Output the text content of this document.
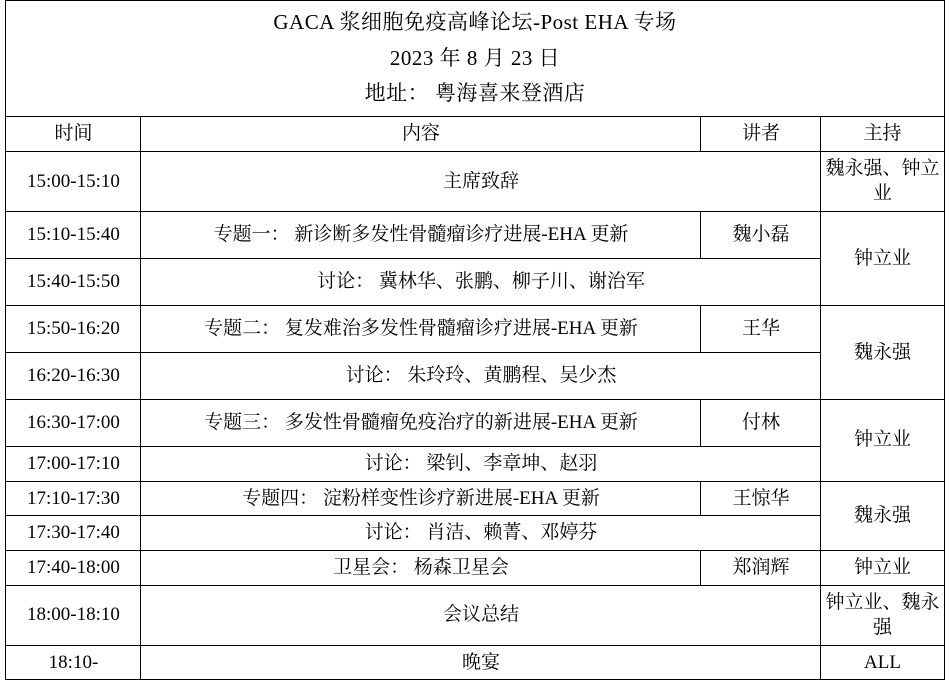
GACA 浆细胞免疫高峰论坛-Post EHA 专场
2023 年 8 月 23 日
地址： 粤海喜来登酒店			

时间	内容	讲者	主持
15:00-15:10	主席致辞		魏永强、钟立业
15:10-15:40	专题一： 新诊断多发性骨髓瘤诊疗进展-EHA 更新	魏小磊	钟立业
15:40-15:50	讨论： 冀林华、张鹏、柳子川、谢治军		
15:50-16:20	专题二： 复发难治多发性骨髓瘤诊疗进展-EHA 更新	王华	魏永强
16:20-16:30	讨论： 朱玲玲、黄鹏程、吴少杰		
16:30-17:00	专题三： 多发性骨髓瘤免疫治疗的新进展-EHA 更新	付林	钟立业
17:00-17:10	讨论： 梁钊、李章坤、赵羽		
17:10-17:30	专题四： 淀粉样变性诊疗新进展-EHA 更新	王惊华	魏永强
17:30-17:40	讨论： 肖洁、赖菁、邓婷芬		
17:40-18:00	卫星会： 杨森卫星会	郑润辉	钟立业
18:00-18:10	会议总结		钟立业、魏永强
18:10-	晚宴		ALL
